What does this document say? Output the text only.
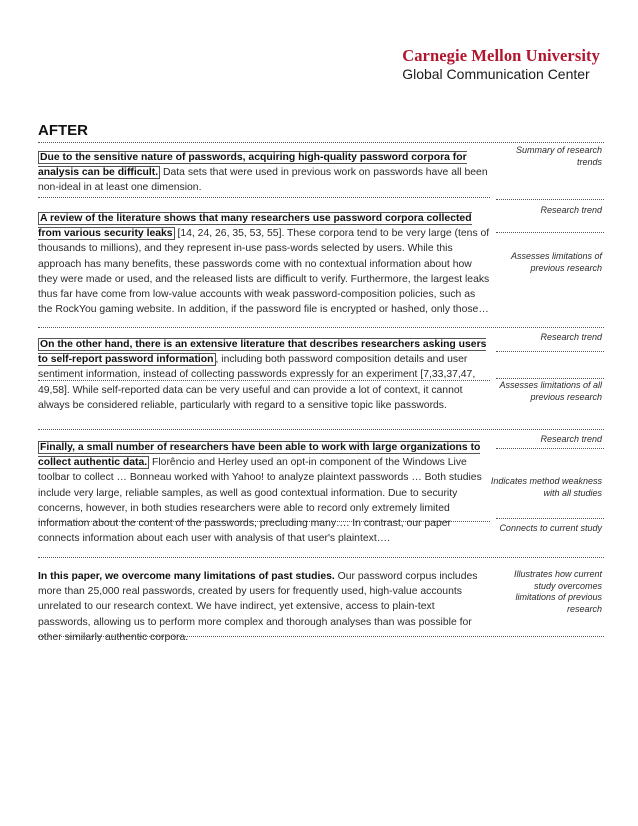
Carnegie Mellon University
Global Communication Center
AFTER
Due to the sensitive nature of passwords, acquiring high-quality password corpora for analysis can be difficult. Data sets that were used in previous work on passwords have all been non-ideal in at least one dimension.
A review of the literature shows that many researchers use password corpora collected from various security leaks [14, 24, 26, 35, 53, 55]. These corpora tend to be very large (tens of thousands to millions), and they represent in-use pass-words selected by users. While this approach has many benefits, these passwords come with no contextual information about how they were made or used, and the released lists are difficult to verify. Furthermore, the largest leaks thus far have come from low-value accounts with weak password-composition policies, such as the RockYou gaming website. In addition, if the password file is encrypted or hashed, only those…
On the other hand, there is an extensive literature that describes researchers asking users to self-report password information , including both password composition details and user sentiment information, instead of collecting passwords expressly for an experiment [7,33,37,47, 49,58]. While self-reported data can be very useful and can provide a lot of context, it cannot always be considered reliable, particularly with regard to a sensitive topic like passwords.
Finally, a small number of researchers have been able to work with large organizations to collect authentic data. Florêncio and Herley used an opt-in component of the Windows Live toolbar to collect … Bonneau worked with Yahoo! to analyze plaintext passwords … Both studies include very large, reliable samples, as well as good contextual information. Due to security concerns, however, in both studies researchers were able to record only extremely limited information about the content of the passwords, precluding many…. In contrast, our paper connects information about each user with analysis of that user's plaintext….
In this paper, we overcome many limitations of past studies. Our password corpus includes more than 25,000 real passwords, created by users for frequently used, high-value accounts unrelated to our research context. We have indirect, yet extensive, access to plain-text passwords, allowing us to perform more complex and thorough analyses than was possible for other similarly authentic corpora.
Summary of research trends
Research trend
Assesses limitations of previous research
Research trend
Assesses limitations of all previous research
Research trend
Indicates method weakness with all studies
Connects to current study
Illustrates how current study overcomes limitations of previous research
